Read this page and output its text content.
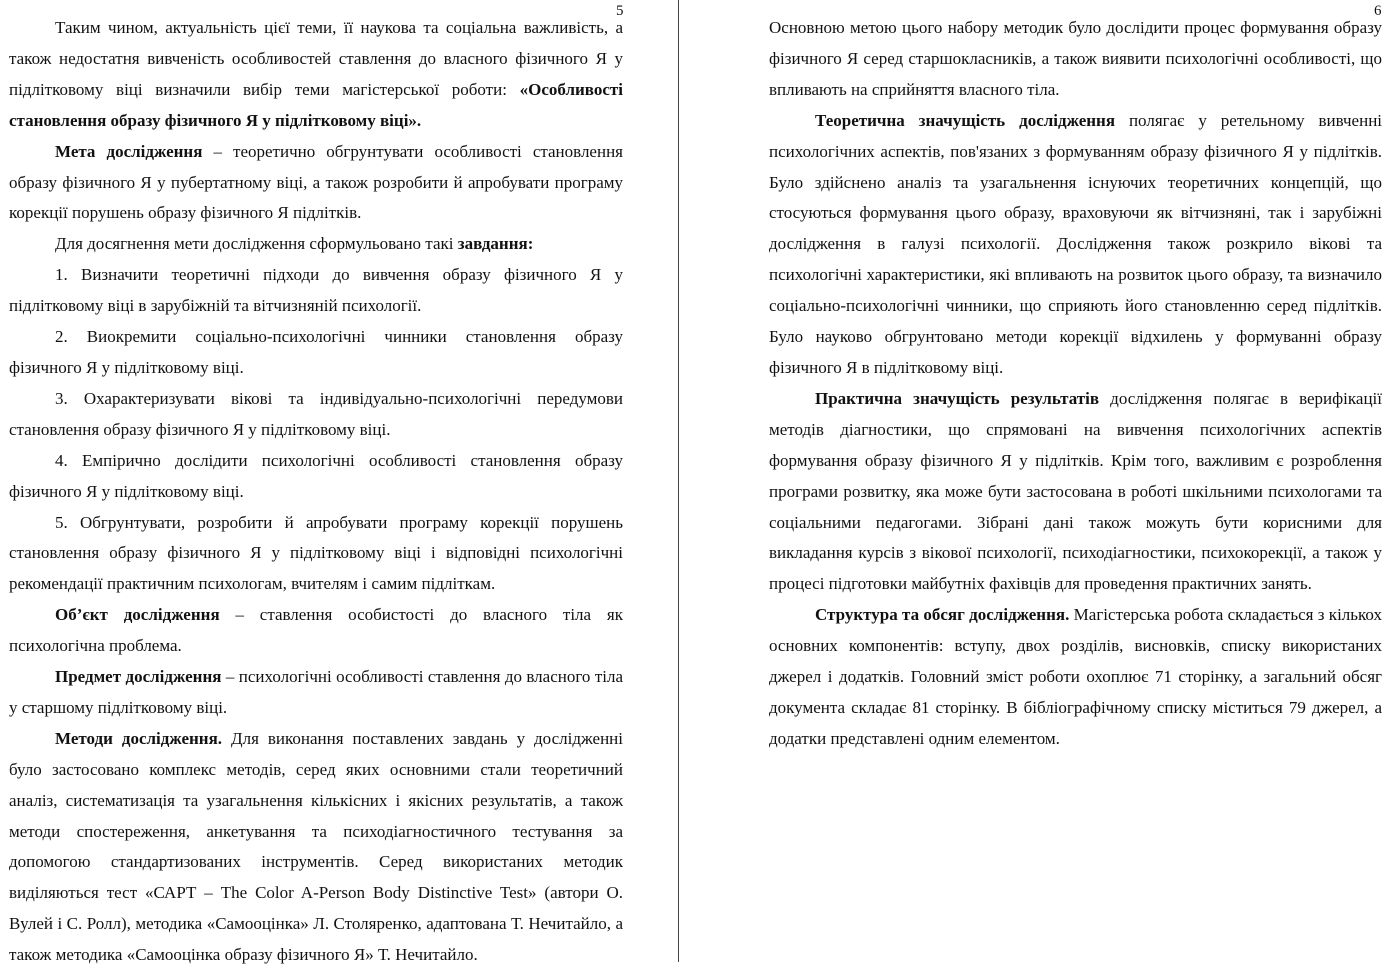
5

Таким чином, актуальність цієї теми, її наукова та соціальна важливість, а також недостатня вивченість особливостей ставлення до власного фізичного Я у підлітковому віці визначили вибір теми магістерської роботи: «Особливості становлення образу фізичного Я у підлітковому віці».

Мета дослідження – теоретично обгрунтувати особливості становлення образу фізичного Я у пубертатному віці, а також розробити й апробувати програму корекції порушень образу фізичного Я підлітків.

Для досягнення мети дослідження сформульовано такі завдання:

1. Визначити теоретичні підходи до вивчення образу фізичного Я у підлітковому віці в зарубіжній та вітчизняній психології.

2. Виокремити соціально-психологічні чинники становлення образу фізичного Я у підлітковому віці.

3. Охарактеризувати вікові та індивідуально-психологічні передумови становлення образу фізичного Я у підлітковому віці.

4. Емпірично дослідити психологічні особливості становлення образу фізичного Я у підлітковому віці.

5. Обгрунтувати, розробити й апробувати програму корекції порушень становлення образу фізичного Я у підлітковому віці і відповідні психологічні рекомендації практичним психологам, вчителям і самим підліткам.

Об’єкт дослідження – ставлення особистості до власного тіла як психологічна проблема.

Предмет дослідження – психологічні особливості ставлення до власного тіла у старшому підлітковому віці.

Методи дослідження. Для виконання поставлених завдань у дослідженні було застосовано комплекс методів, серед яких основними стали теоретичний аналіз, систематизація та узагальнення кількісних і якісних результатів, а також методи спостереження, анкетування та психодіагностичного тестування за допомогою стандартизованих інструментів. Серед використаних методик виділяються тест «САРТ – The Color A-Person Body Distinctive Test» (автори О. Вулей і С. Ролл), методика «Самооцінка» Л. Столяренко, адаптована Т. Нечитайло, а також методика «Самооцінка образу фізичного Я» Т. Нечитайло.

Основною метою цього набору методик було дослідити процес формування образу фізичного Я серед старшокласників, а також виявити психологічні особливості, що впливають на сприйняття власного тіла.

Теоретична значущість дослідження полягає у ретельному вивченні психологічних аспектів, пов'язаних з формуванням образу фізичного Я у підлітків. Було здійснено аналіз та узагальнення існуючих теоретичних концепцій, що стосуються формування цього образу, враховуючи як вітчизняні, так і зарубіжні дослідження в галузі психології. Дослідження також розкрило вікові та психологічні характеристики, які впливають на розвиток цього образу, та визначило соціально-психологічні чинники, що сприяють його становленню серед підлітків. Було науково обгрунтовано методи корекції відхилень у формуванні образу фізичного Я в підлітковому віці.

Практична значущість результатів дослідження полягає в верифікації методів діагностики, що спрямовані на вивчення психологічних аспектів формування образу фізичного Я у підлітків. Крім того, важливим є розроблення програми розвитку, яка може бути застосована в роботі шкільними психологами та соціальними педагогами. Зібрані дані також можуть бути корисними для викладання курсів з вікової психології, психодіагностики, психокорекції, а також у процесі підготовки майбутніх фахівців для проведення практичних занять.

Структура та обсяг дослідження. Магістерська робота складається з кількох основних компонентів: вступу, двох розділів, висновків, списку використаних джерел і додатків. Головний зміст роботи охоплює 71 сторінку, а загальний обсяг документа складає 81 сторінку. В бібліографічному списку міститься 79 джерел, а додатки представлені одним елементом.

6
